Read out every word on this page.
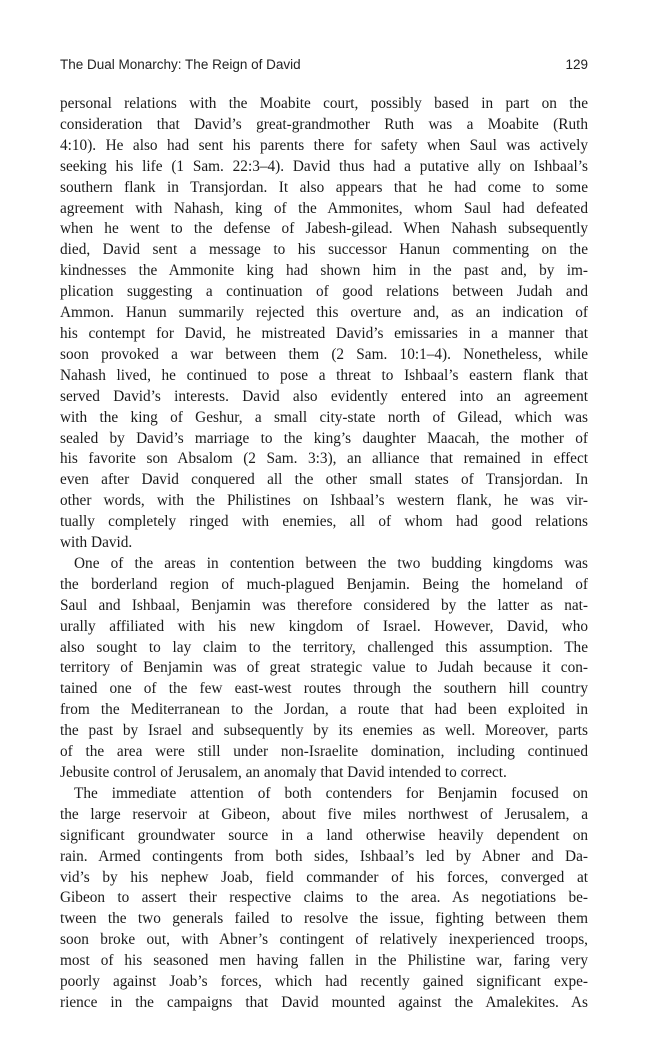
The Dual Monarchy: The Reign of David	129
personal relations with the Moabite court, possibly based in part on the
consideration that David’s great-grandmother Ruth was a Moabite (Ruth
4:10). He also had sent his parents there for safety when Saul was actively
seeking his life (1 Sam. 22:3–4). David thus had a putative ally on Ishbaal’s
southern flank in Transjordan. It also appears that he had come to some
agreement with Nahash, king of the Ammonites, whom Saul had defeated
when he went to the defense of Jabesh-gilead. When Nahash subsequently
died, David sent a message to his successor Hanun commenting on the
kindnesses the Ammonite king had shown him in the past and, by im-
plication suggesting a continuation of good relations between Judah and
Ammon. Hanun summarily rejected this overture and, as an indication of
his contempt for David, he mistreated David’s emissaries in a manner that
soon provoked a war between them (2 Sam. 10:1–4). Nonetheless, while
Nahash lived, he continued to pose a threat to Ishbaal’s eastern flank that
served David’s interests. David also evidently entered into an agreement
with the king of Geshur, a small city-state north of Gilead, which was
sealed by David’s marriage to the king’s daughter Maacah, the mother of
his favorite son Absalom (2 Sam. 3:3), an alliance that remained in effect
even after David conquered all the other small states of Transjordan. In
other words, with the Philistines on Ishbaal’s western flank, he was vir-
tually completely ringed with enemies, all of whom had good relations
with David.
One of the areas in contention between the two budding kingdoms was
the borderland region of much-plagued Benjamin. Being the homeland of
Saul and Ishbaal, Benjamin was therefore considered by the latter as nat-
urally affiliated with his new kingdom of Israel. However, David, who
also sought to lay claim to the territory, challenged this assumption. The
territory of Benjamin was of great strategic value to Judah because it con-
tained one of the few east-west routes through the southern hill country
from the Mediterranean to the Jordan, a route that had been exploited in
the past by Israel and subsequently by its enemies as well. Moreover, parts
of the area were still under non-Israelite domination, including continued
Jebusite control of Jerusalem, an anomaly that David intended to correct.
The immediate attention of both contenders for Benjamin focused on
the large reservoir at Gibeon, about five miles northwest of Jerusalem, a
significant groundwater source in a land otherwise heavily dependent on
rain. Armed contingents from both sides, Ishbaal’s led by Abner and Da-
vid’s by his nephew Joab, field commander of his forces, converged at
Gibeon to assert their respective claims to the area. As negotiations be-
tween the two generals failed to resolve the issue, fighting between them
soon broke out, with Abner’s contingent of relatively inexperienced troops,
most of his seasoned men having fallen in the Philistine war, faring very
poorly against Joab’s forces, which had recently gained significant expe-
rience in the campaigns that David mounted against the Amalekites. As
